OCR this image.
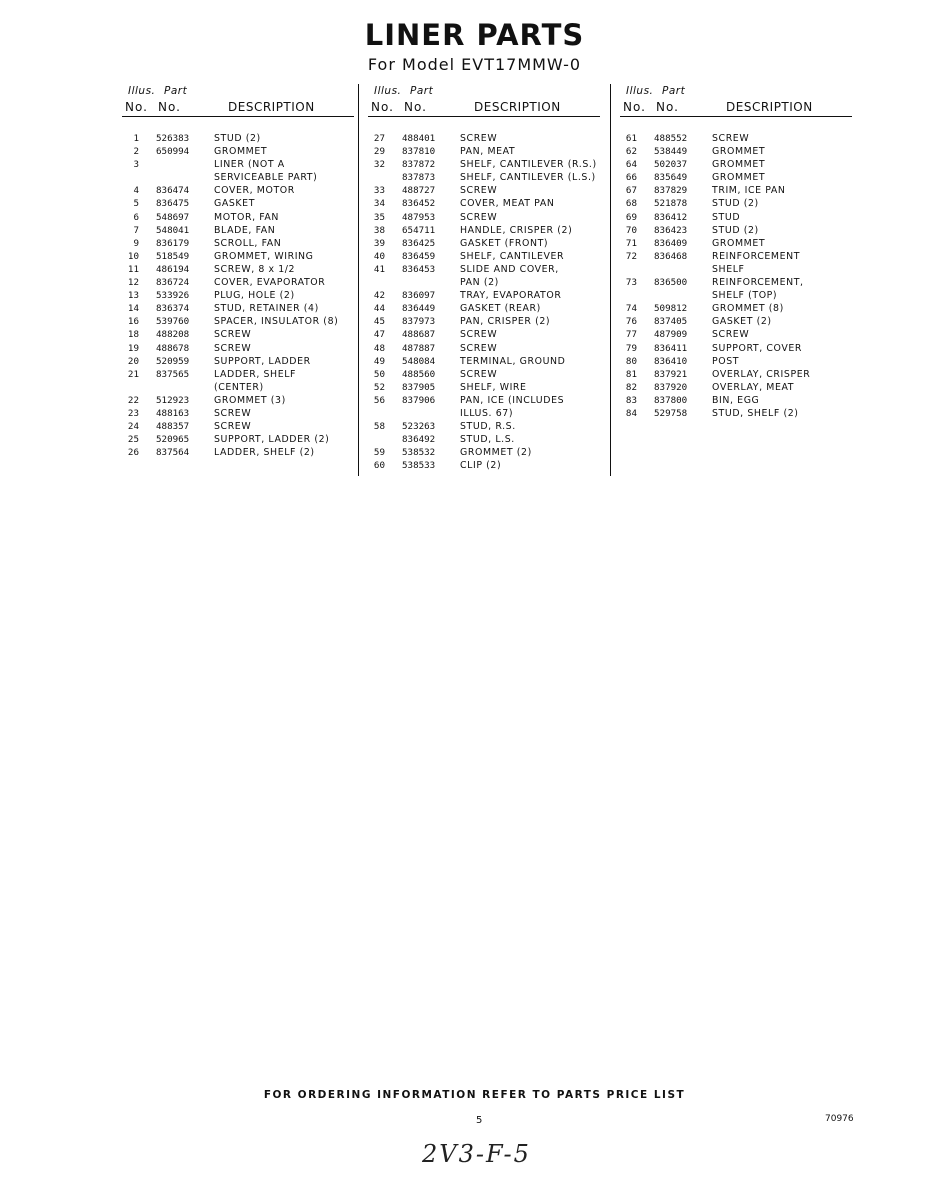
LINER PARTS
For Model EVT17MMW-0
Illus. Part
No. No.	DESCRIPTION
1 526383	STUD (2)
2 650994	GROMMET
3	LINER (NOT A
SERVICEABLE PART)
4 836474	COVER, MOTOR
5 836475	GASKET
6 548697	MOTOR, FAN
7 548041	BLADE, FAN
9 836179	SCROLL, FAN
10 518549	GROMMET, WIRING
11 486194	SCREW, 8 x 1/2
12 836724	COVER, EVAPORATOR
13 533926	PLUG, HOLE (2)
14 836374	STUD, RETAINER (4)
16 539760	SPACER, INSULATOR (8)
18 488208	SCREW
19 488678	SCREW
20 520959	SUPPORT, LADDER
21 837565	LADDER, SHELF
(CENTER)
22 512923	GROMMET (3)
23 488163	SCREW
24 488357	SCREW
25 520965	SUPPORT, LADDER (2)
26 837564	LADDER, SHELF (2)
Illus. Part
No. No.	DESCRIPTION
27 488401	SCREW
29 837810	PAN, MEAT
32 837872	SHELF, CANTILEVER (R.S.)
837873	SHELF, CANTILEVER (L.S.)
33 488727	SCREW
34 836452	COVER, MEAT PAN
35 487953	SCREW
38 654711	HANDLE, CRISPER (2)
39 836425	GASKET (FRONT)
40 836459	SHELF, CANTILEVER
41 836453	SLIDE AND COVER,
PAN (2)
42 836097	TRAY, EVAPORATOR
44 836449	GASKET (REAR)
45 837973	PAN, CRISPER (2)
47 488687	SCREW
48 487887	SCREW
49 548084	TERMINAL, GROUND
50 488560	SCREW
52 837905	SHELF, WIRE
56 837906	PAN, ICE (INCLUDES
ILLUS. 67)
58 523263	STUD, R.S.
836492	STUD, L.S.
59 538532	GROMMET (2)
60 538533	CLIP (2)
Illus. Part
No. No.	DESCRIPTION
61 488552	SCREW
62 538449	GROMMET
64 502037	GROMMET
66 835649	GROMMET
67 837829	TRIM, ICE PAN
68 521878	STUD (2)
69 836412	STUD
70 836423	STUD (2)
71 836409	GROMMET
72 836468	REINFORCEMENT
SHELF
73 836500	REINFORCEMENT,
SHELF (TOP)
74 509812	GROMMET (8)
76 837405	GASKET (2)
77 487909	SCREW
79 836411	SUPPORT, COVER
80 836410	POST
81 837921	OVERLAY, CRISPER
82 837920	OVERLAY, MEAT
83 837800	BIN, EGG
84 529758	STUD, SHELF (2)
FOR ORDERING INFORMATION REFER TO PARTS PRICE LIST
5	70976
2V3-F-5
